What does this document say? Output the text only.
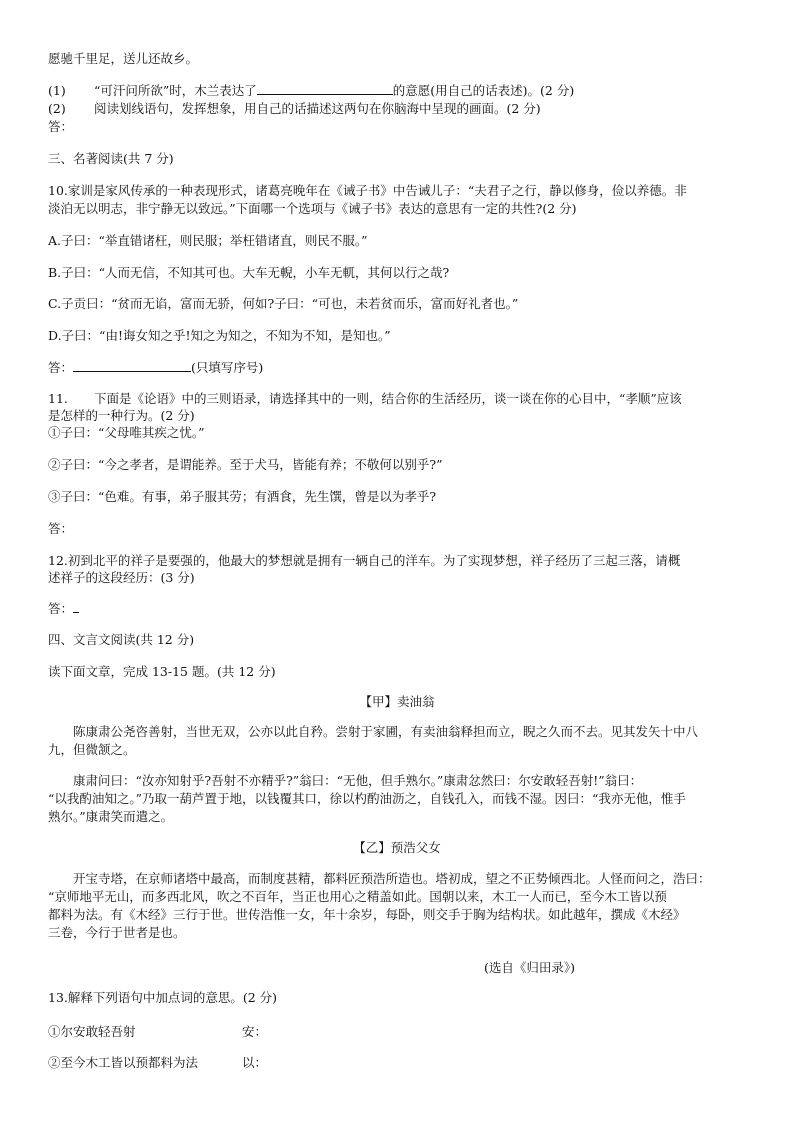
愿驰千里足，送儿还故乡。
(1) “可汗问所欲”时，木兰表达了	的意愿(用自己的话表述)。(2 分)
(2) 阅读划线语句，发挥想象，用自己的话描述这两句在你脑海中呈现的画面。(2 分)
答：
三、名著阅读(共 7 分)
10.家训是家风传承的一种表现形式，诸葛亮晚年在《诫子书》中告诫儿子：“夫君子之行，静以修身，俭以养德。非
淡泊无以明志，非宁静无以致远。”下面哪一个选项与《诫子书》表达的意思有一定的共性?(2 分)
A.子曰：“举直错诸枉，则民服；举枉错诸直，则民不服。”
B.子曰：“人而无信，不知其可也。大车无輗，小车无軏，其何以行之哉?
C.子贡曰：“贫而无谄，富而无骄，何如?子曰：“可也，未若贫而乐，富而好礼者也。”
D.子曰：“由!诲女知之乎!知之为知之，不知为不知，是知也。”
答：	(只填写序号)
11. 下面是《论语》中的三则语录，请选择其中的一则，结合你的生活经历，谈一谈在你的心目中，“孝顺”应该
是怎样的一种行为。(2 分)
①子曰：“父母唯其疾之忧。”
②子曰：“今之孝者，是谓能养。至于犬马，皆能有养；不敬何以别乎?”
③子曰：“色难。有事，弟子服其劳；有酒食，先生馔，曾是以为孝乎?
答：
12.初到北平的祥子是要强的，他最大的梦想就是拥有一辆自己的洋车。为了实现梦想，祥子经历了三起三落，请概
述祥子的这段经历：(3 分)
答：
四、文言文阅读(共 12 分)
读下面文章，完成 13-15 题。(共 12 分)
【甲】卖油翁
陈康肃公尧咨善射，当世无双，公亦以此自矜。尝射于家圃，有卖油翁释担而立，睨之久而不去。见其发矢十中八
九，但微颔之。
康肃问曰：“汝亦知射乎?吾射不亦精乎?”翁曰：“无他，但手熟尔。”康肃忿然曰：尔安敢轻吾射!”翁曰：
“以我酌油知之。”乃取一葫芦置于地，以钱覆其口，徐以杓酌油沥之，自钱孔入，而钱不湿。因曰：“我亦无他，惟手
熟尔。”康肃笑而遣之。
【乙】预浩父女
开宝寺塔，在京师诸塔中最高，而制度甚精，都料匠预浩所造也。塔初成，望之不正势倾西北。人怪而问之，浩曰：
“京师地平无山，而多西北风，吹之不百年，当正也用心之精盖如此。国朝以来，木工一人而已，至今木工皆以预
都料为法。有《木经》三行于世。世传浩惟一女，年十余岁，每卧，则交手于胸为结构状。如此越年，撰成《木经》
三卷，今行于世者是也。
(选自《归田录》)
13.解释下列语句中加点词的意思。(2 分)
①尔安敢轻吾射	安：
②至今木工皆以预都料为法	以：
